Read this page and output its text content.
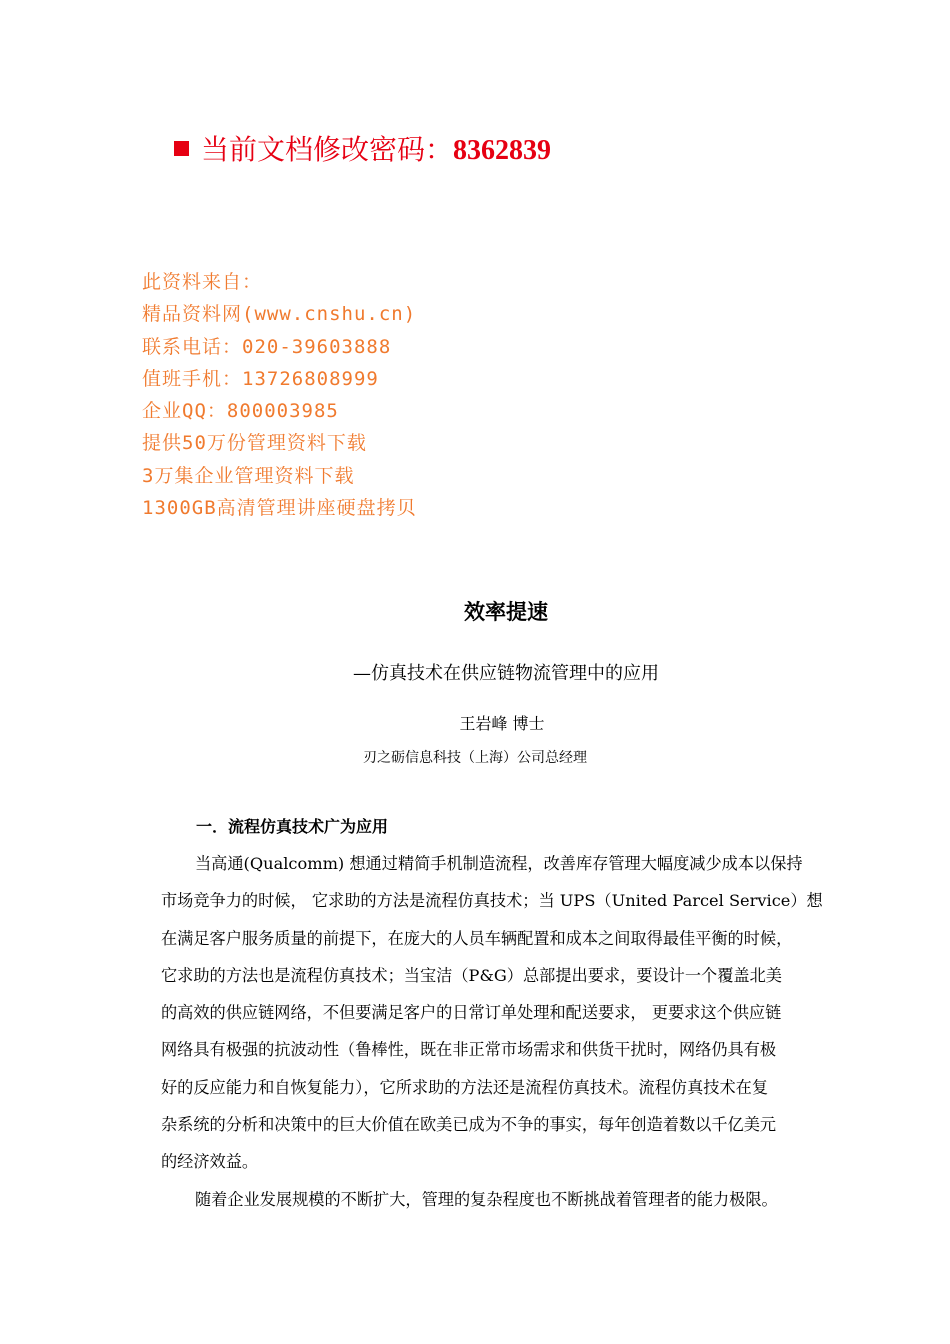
当前文档修改密码：8362839
此资料来自：
精品资料网(www.cnshu.cn)
联系电话：020-39603888
值班手机：13726808999
企业QQ：800003985
提供50万份管理资料下载
3万集企业管理资料下载
1300GB高清管理讲座硬盘拷贝
效率提速
—仿真技术在供应链物流管理中的应用
王岩峰 博士
刃之砺信息科技（上海）公司总经理
一．流程仿真技术广为应用
当高通(Qualcomm) 想通过精简手机制造流程，改善库存管理大幅度减少成本以保持
市场竞争力的时候， 它求助的方法是流程仿真技术；当 UPS（United Parcel Service）想
在满足客户服务质量的前提下，在庞大的人员车辆配置和成本之间取得最佳平衡的时候，
它求助的方法也是流程仿真技术；当宝洁（P&G）总部提出要求，要设计一个覆盖北美
的高效的供应链网络，不但要满足客户的日常订单处理和配送要求， 更要求这个供应链
网络具有极强的抗波动性（鲁棒性，既在非正常市场需求和供货干扰时，网络仍具有极
好的反应能力和自恢复能力），它所求助的方法还是流程仿真技术。流程仿真技术在复
杂系统的分析和决策中的巨大价值在欧美已成为不争的事实，每年创造着数以千亿美元
的经济效益。
随着企业发展规模的不断扩大，管理的复杂程度也不断挑战着管理者的能力极限。
